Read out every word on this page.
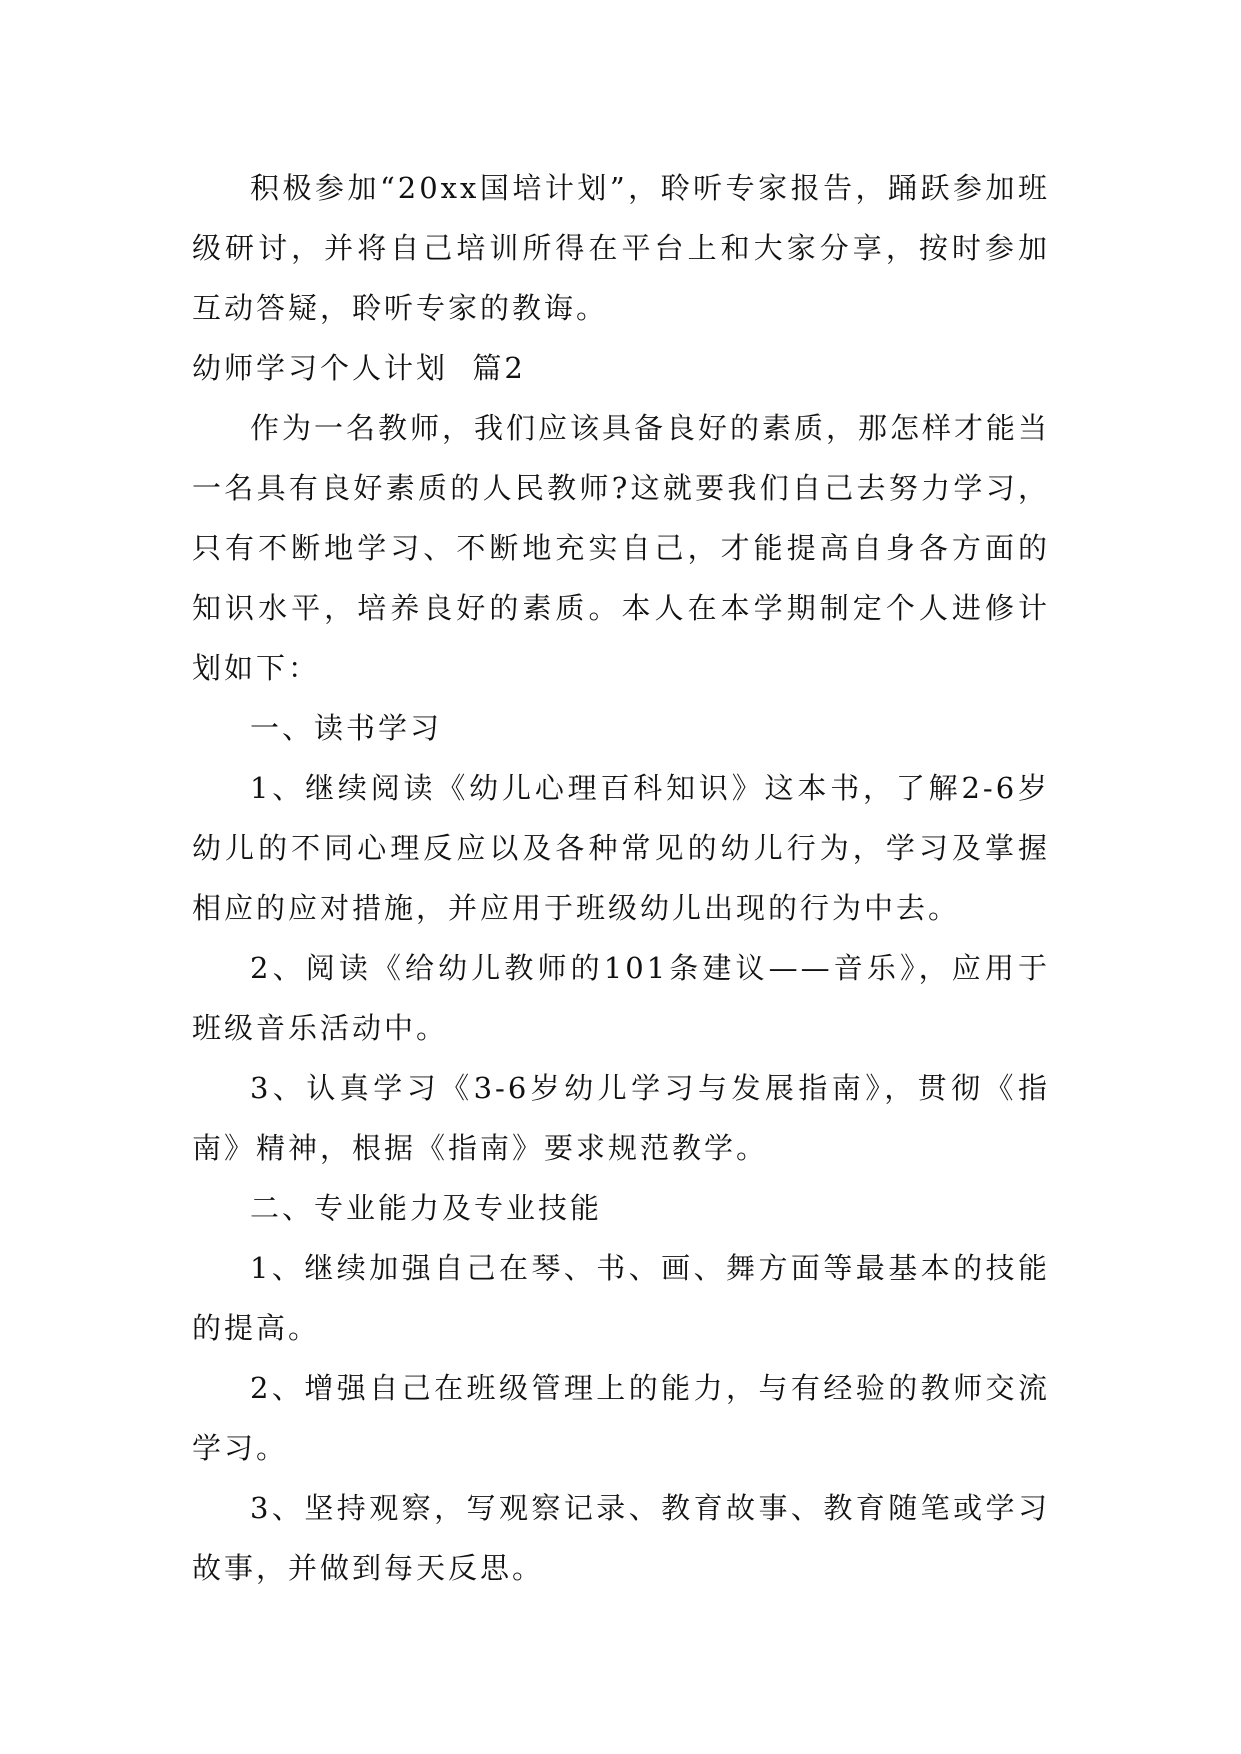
积极参加“20xx国培计划”，聆听专家报告，踊跃参加班级研讨，并将自己培训所得在平台上和大家分享，按时参加互动答疑，聆听专家的教诲。

幼师学习个人计划  篇2

作为一名教师，我们应该具备良好的素质，那怎样才能当一名具有良好素质的人民教师?这就要我们自己去努力学习，只有不断地学习、不断地充实自己，才能提高自身各方面的知识水平，培养良好的素质。本人在本学期制定个人进修计划如下：

一、读书学习

1、继续阅读《幼儿心理百科知识》这本书，了解2-6岁幼儿的不同心理反应以及各种常见的幼儿行为，学习及掌握相应的应对措施，并应用于班级幼儿出现的行为中去。

2、阅读《给幼儿教师的101条建议——音乐》，应用于班级音乐活动中。

3、认真学习《3-6岁幼儿学习与发展指南》，贯彻《指南》精神，根据《指南》要求规范教学。

二、专业能力及专业技能

1、继续加强自己在琴、书、画、舞方面等最基本的技能的提高。

2、增强自己在班级管理上的能力，与有经验的教师交流学习。

3、坚持观察，写观察记录、教育故事、教育随笔或学习故事，并做到每天反思。
